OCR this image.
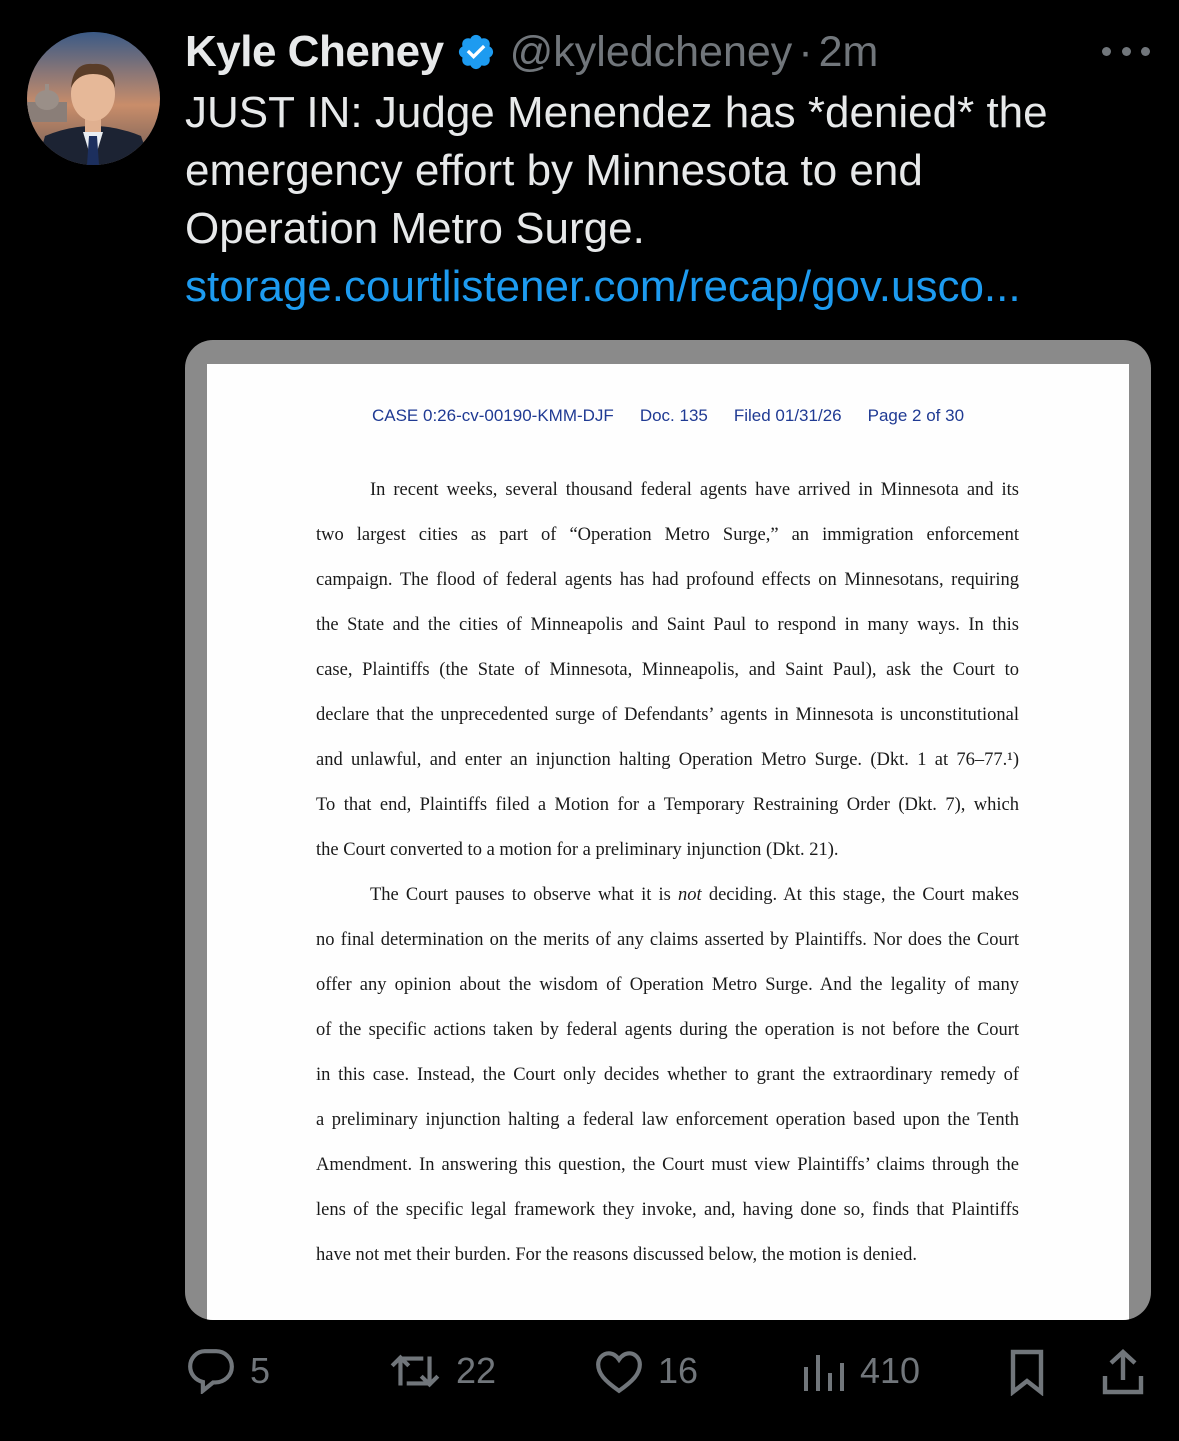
Kyle Cheney @kyledcheney · 2m
JUST IN: Judge Menendez has *denied* the
emergency effort by Minnesota to end
Operation Metro Surge.
storage.courtlistener.com/recap/gov.usco...
CASE 0:26-cv-00190-KMM-DJF Doc. 135 Filed 01/31/26 Page 2 of 30
In recent weeks, several thousand federal agents have arrived in Minnesota and its
two largest cities as part of “Operation Metro Surge,” an immigration enforcement
campaign. The flood of federal agents has had profound effects on Minnesotans, requiring
the State and the cities of Minneapolis and Saint Paul to respond in many ways. In this
case, Plaintiffs (the State of Minnesota, Minneapolis, and Saint Paul), ask the Court to
declare that the unprecedented surge of Defendants’ agents in Minnesota is unconstitutional
and unlawful, and enter an injunction halting Operation Metro Surge. (Dkt. 1 at 76–77.¹)
To that end, Plaintiffs filed a Motion for a Temporary Restraining Order (Dkt. 7), which
the Court converted to a motion for a preliminary injunction (Dkt. 21).
The Court pauses to observe what it is not deciding. At this stage, the Court makes
no final determination on the merits of any claims asserted by Plaintiffs. Nor does the Court
offer any opinion about the wisdom of Operation Metro Surge. And the legality of many
of the specific actions taken by federal agents during the operation is not before the Court
in this case. Instead, the Court only decides whether to grant the extraordinary remedy of
a preliminary injunction halting a federal law enforcement operation based upon the Tenth
Amendment. In answering this question, the Court must view Plaintiffs’ claims through the
lens of the specific legal framework they invoke, and, having done so, finds that Plaintiffs
have not met their burden. For the reasons discussed below, the motion is denied.
5	22	16	410
